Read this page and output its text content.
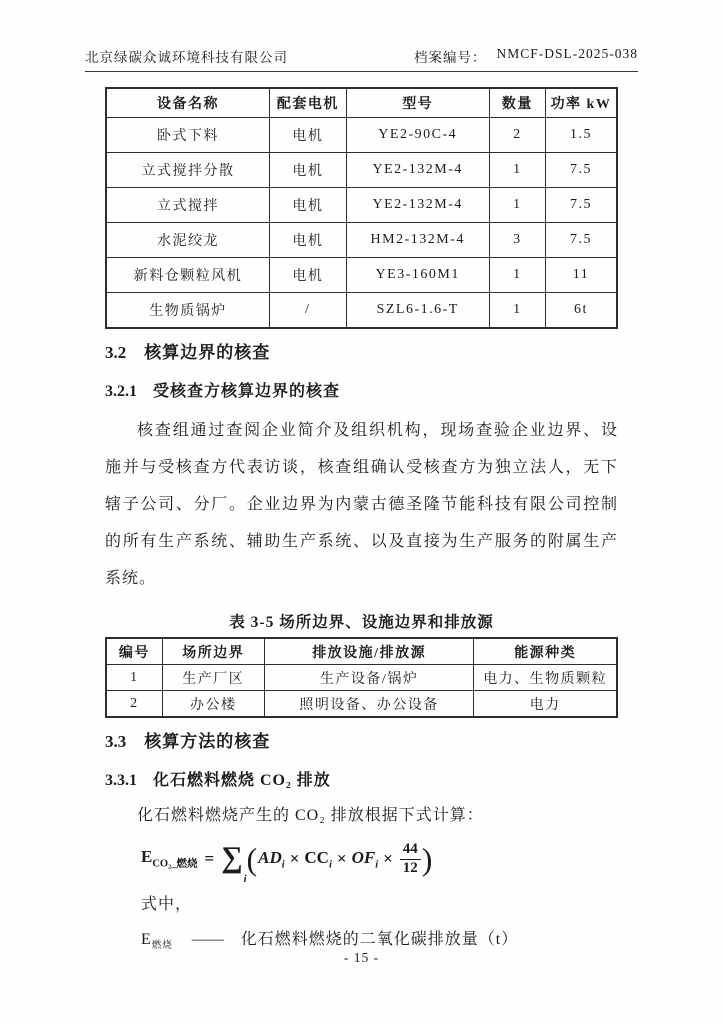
北京绿碳众诚环境科技有限公司	档案编号： NMCF-DSL-2025-038
设备名称	配套电机	型号	数量	功率 kW
卧式下料	电机	YE2-90C-4	2	1.5
立式搅拌分散	电机	YE2-132M-4	1	7.5
立式搅拌	电机	YE2-132M-4	1	7.5
水泥绞龙	电机	HM2-132M-4	3	7.5
新料仓颗粒风机	电机	YE3-160M1	1	11
生物质锅炉	/	SZL6-1.6-T	1	6t
3.2 核算边界的核查
3.2.1 受核查方核算边界的核查
核查组通过查阅企业简介及组织机构，现场查验企业边界、设
施并与受核查方代表访谈，核查组确认受核查方为独立法人，无下
辖子公司、分厂。企业边界为内蒙古德圣隆节能科技有限公司控制
的所有生产系统、辅助生产系统、以及直接为生产服务的附属生产
系统。
表 3-5 场所边界、设施边界和排放源
编号	场所边界	排放设施/排放源	能源种类
1	生产厂区	生产设备/锅炉	电力、生物质颗粒
2	办公楼	照明设备、办公设备	电力
3.3 核算方法的核查
3.3.1 化石燃料燃烧 CO₂ 排放
化石燃料燃烧产生的 CO₂ 排放根据下式计算：
$E_{CO_2\_燃烧} = \sum_i$
( $AD_i \times CC_i \times OF_i \times \frac{44}{12}$ )
式中，
$E_{燃烧}$ —— 化石燃料燃烧的二氧化碳排放量（t）
- 15 -
